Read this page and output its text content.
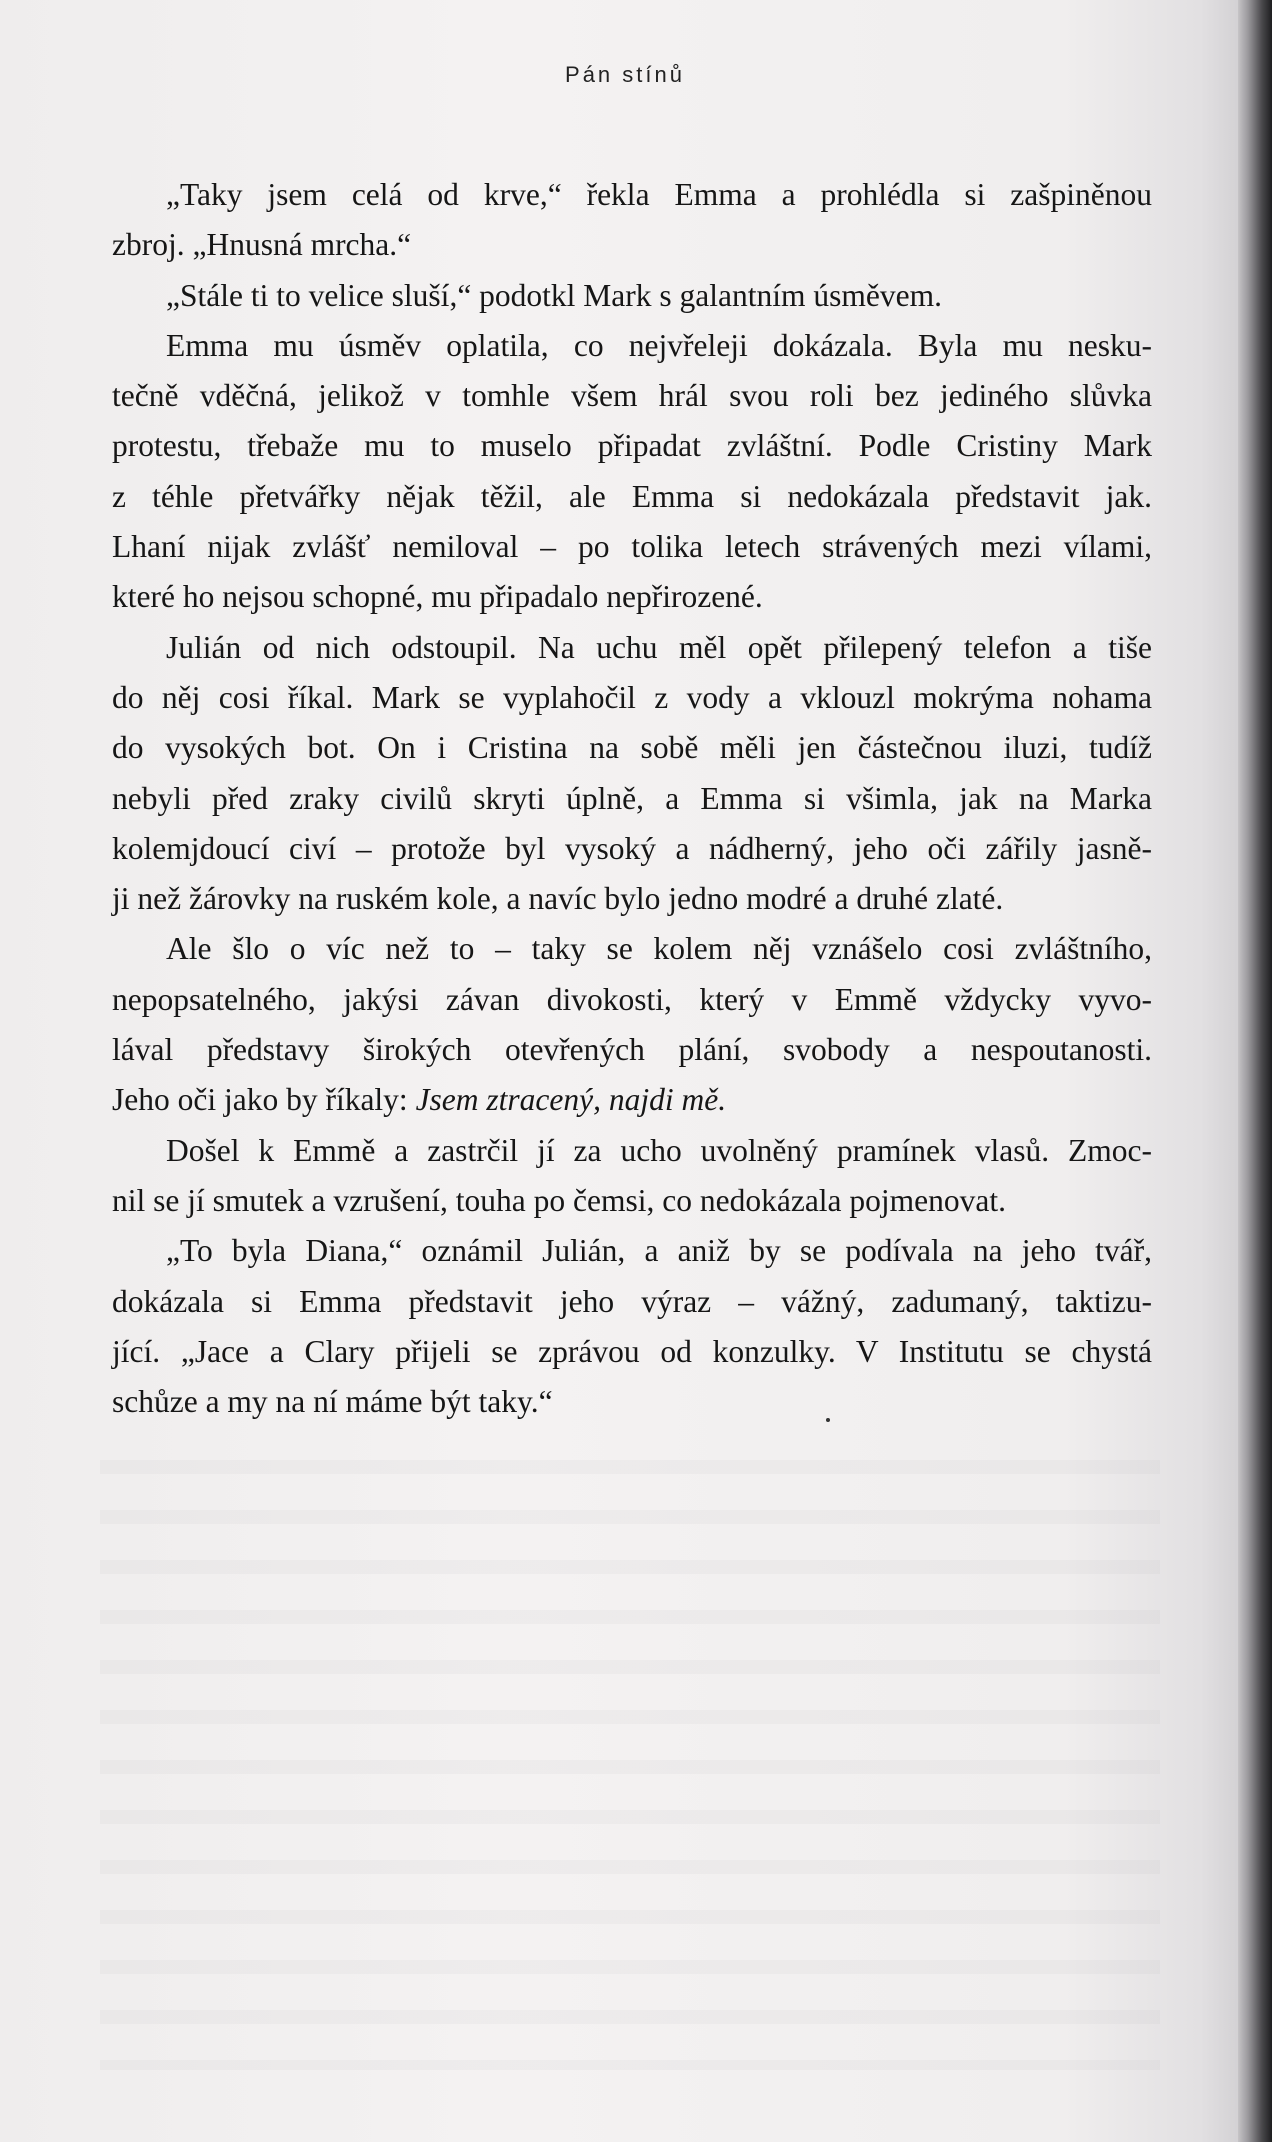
Pán stínů
„Taky jsem celá od krve,“ řekla Emma a prohlédla si zašpiněnou
zbroj. „Hnusná mrcha.“
„Stále ti to velice sluší,“ podotkl Mark s galantním úsměvem.
Emma mu úsměv oplatila, co nejvřeleji dokázala. Byla mu nesku-
tečně vděčná, jelikož v tomhle všem hrál svou roli bez jediného slůvka
protestu, třebaže mu to muselo připadat zvláštní. Podle Cristiny Mark
z téhle přetvářky nějak těžil, ale Emma si nedokázala představit jak.
Lhaní nijak zvlášť nemiloval – po tolika letech strávených mezi vílami,
které ho nejsou schopné, mu připadalo nepřirozené.
Julián od nich odstoupil. Na uchu měl opět přilepený telefon a tiše
do něj cosi říkal. Mark se vyplahočil z vody a vklouzl mokrýma nohama
do vysokých bot. On i Cristina na sobě měli jen částečnou iluzi, tudíž
nebyli před zraky civilů skryti úplně, a Emma si všimla, jak na Marka
kolemjdoucí civí – protože byl vysoký a nádherný, jeho oči zářily jasně-
ji než žárovky na ruském kole, a navíc bylo jedno modré a druhé zlaté.
Ale šlo o víc než to – taky se kolem něj vznášelo cosi zvláštního,
nepopsatelného, jakýsi závan divokosti, který v Emmě vždycky vyvo-
lával představy širokých otevřených plání, svobody a nespoutanosti.
Jeho oči jako by říkaly: Jsem ztracený, najdi mě.
Došel k Emmě a zastrčil jí za ucho uvolněný pramínek vlasů. Zmoc-
nil se jí smutek a vzrušení, touha po čemsi, co nedokázala pojmenovat.
„To byla Diana,“ oznámil Julián, a aniž by se podívala na jeho tvář,
dokázala si Emma představit jeho výraz – vážný, zadumaný, taktizu-
jící. „Jace a Clary přijeli se zprávou od konzulky. V Institutu se chystá
schůze a my na ní máme být taky.“
